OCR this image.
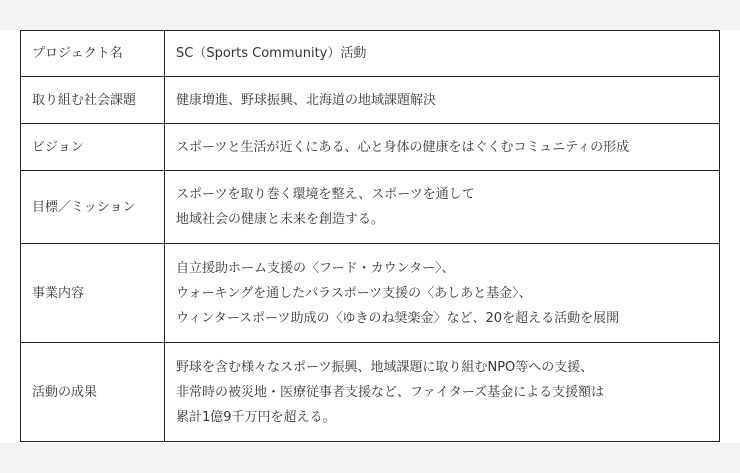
プロジェクト名	SC（Sports Community）活動

取り組む社会課題	健康増進、野球振興、北海道の地域課題解決

ビジョン	スポーツと生活が近くにある、心と身体の健康をはぐくむコミュニティの形成

目標／ミッション	スポーツを取り巻く環境を整え、スポーツを通して
地域社会の健康と未来を創造する。

事業内容	自立援助ホーム支援の〈フード・カウンター〉、
ウォーキングを通したパラスポーツ支援の〈あしあと基金〉、
ウィンタースポーツ助成の〈ゆきのね奨楽金〉など、20を超える活動を展開

活動の成果	野球を含む様々なスポーツ振興、地域課題に取り組むNPO等への支援、
非常時の被災地・医療従事者支援など、ファイターズ基金による支援額は
累計1億9千万円を超える。
